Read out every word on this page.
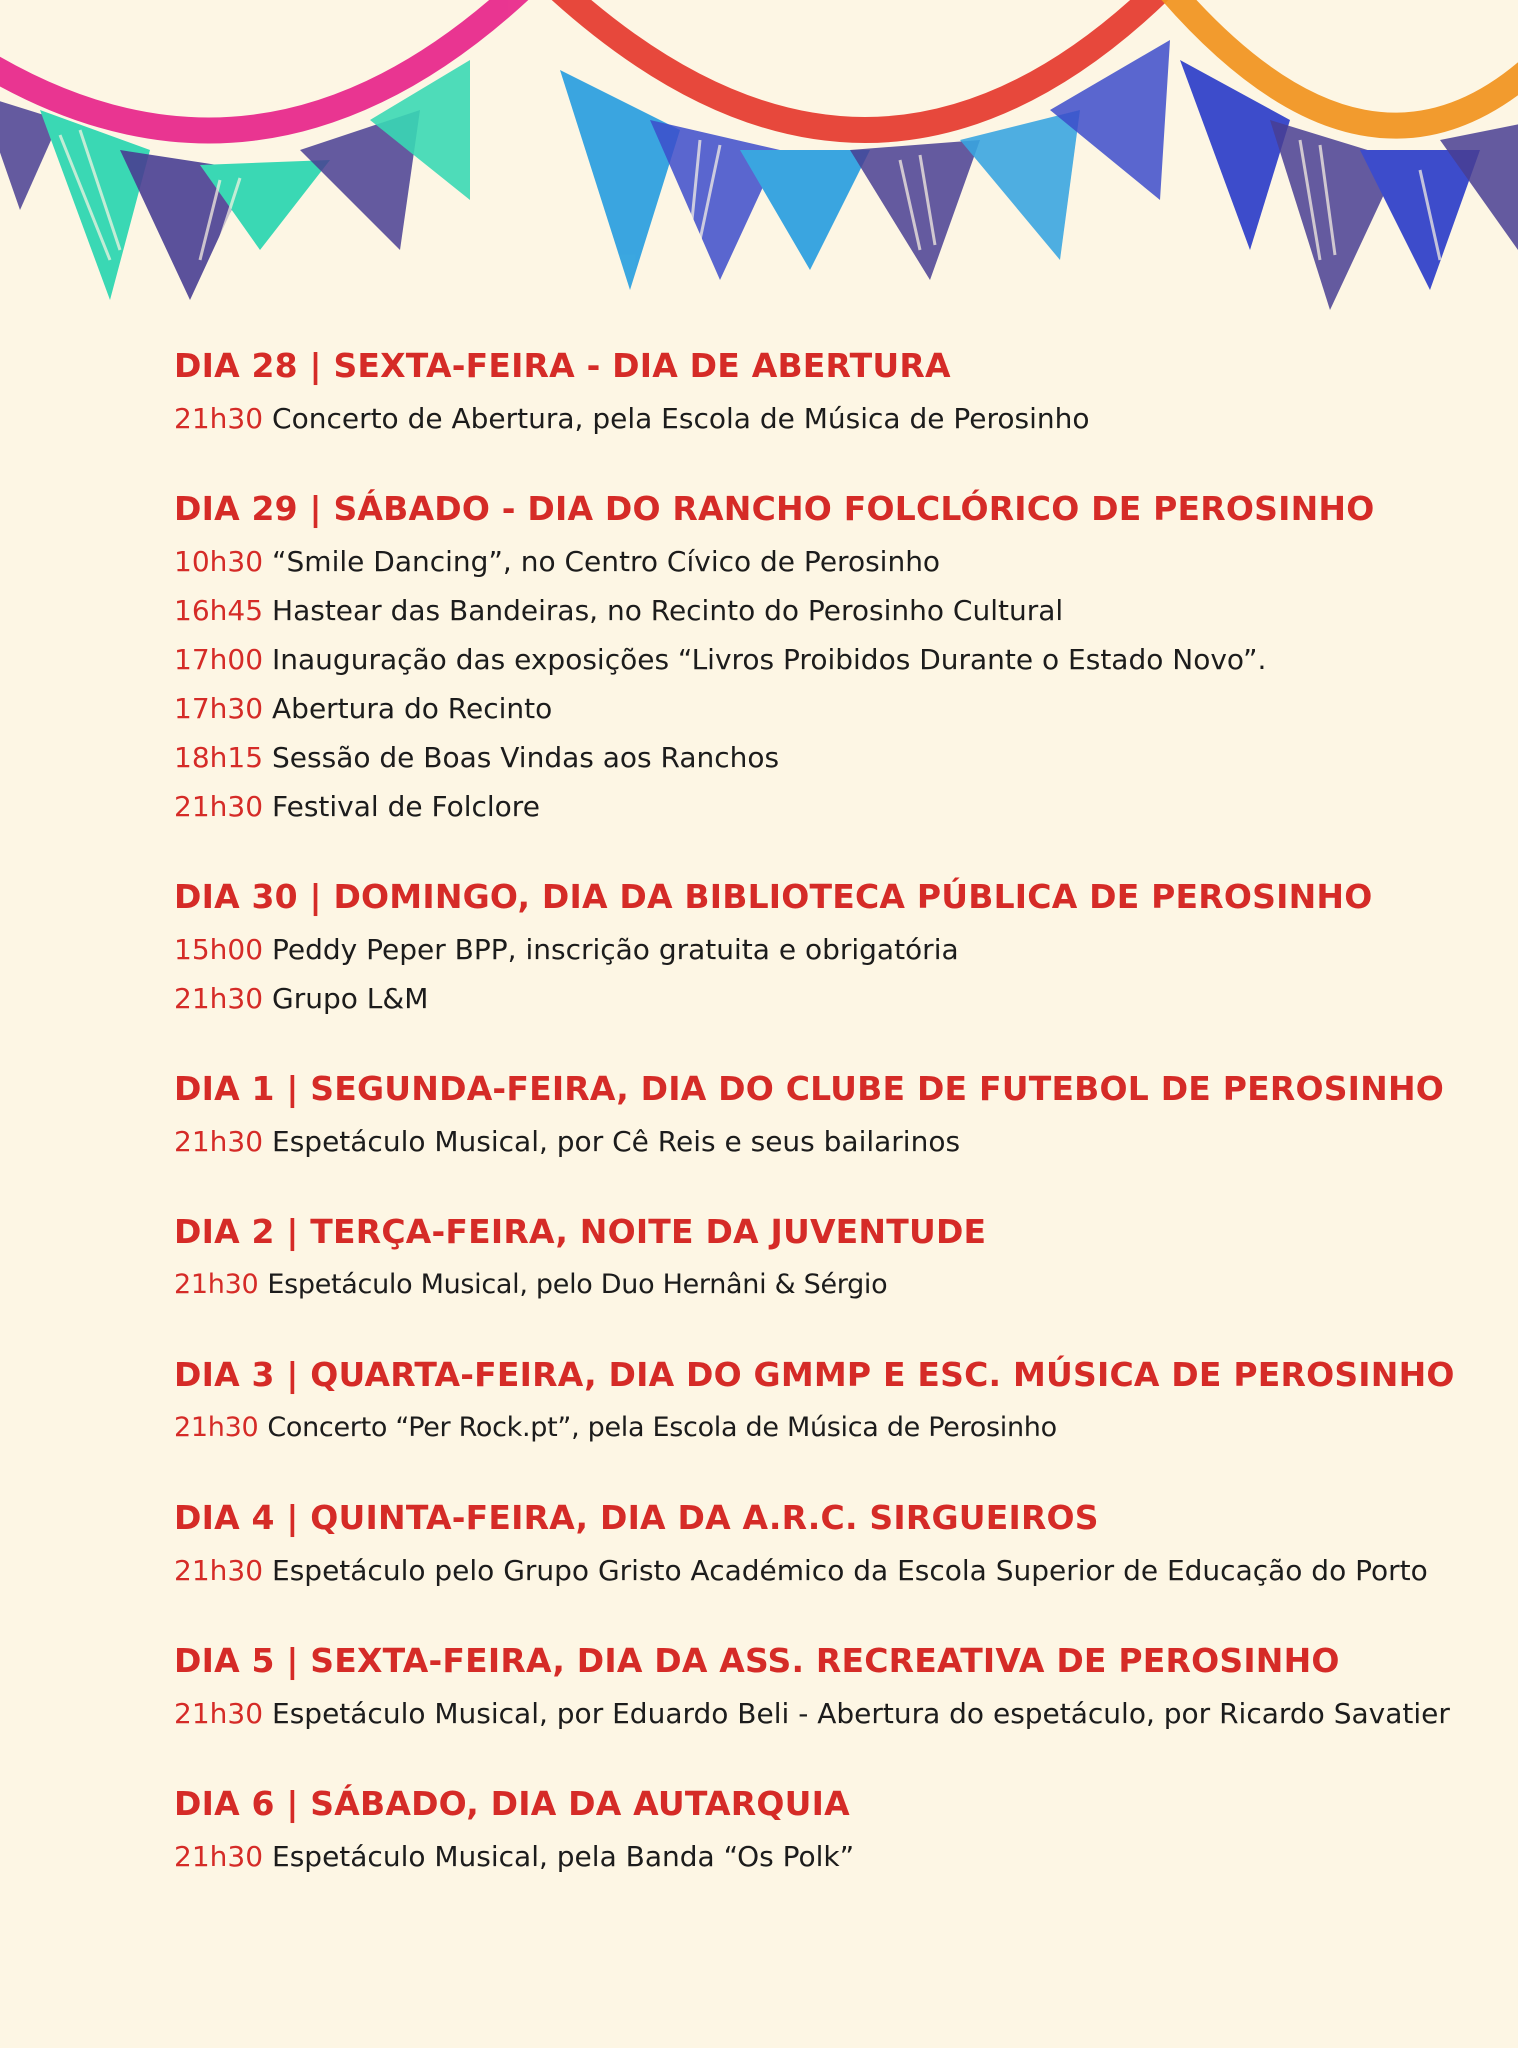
DIA 28 | SEXTA-FEIRA - DIA DE ABERTURA
21h30 Concerto de Abertura, pela Escola de Música de Perosinho
DIA 29 | SÁBADO - DIA DO RANCHO FOLCLÓRICO DE PEROSINHO
10h30 “Smile Dancing”, no Centro Cívico de Perosinho
16h45 Hastear das Bandeiras, no Recinto do Perosinho Cultural
17h00 Inauguração das exposições “Livros Proibidos Durante o Estado Novo”.
17h30 Abertura do Recinto
18h15 Sessão de Boas Vindas aos Ranchos
21h30 Festival de Folclore
DIA 30 | DOMINGO, DIA DA BIBLIOTECA PÚBLICA DE PEROSINHO
15h00 Peddy Peper BPP, inscrição gratuita e obrigatória
21h30 Grupo L&M
DIA 1 | SEGUNDA-FEIRA, DIA DO CLUBE DE FUTEBOL DE PEROSINHO
21h30 Espetáculo Musical, por Cê Reis e seus bailarinos
DIA 2 | TERÇA-FEIRA, NOITE DA JUVENTUDE
21h30 Espetáculo Musical, pelo Duo Hernâni & Sérgio
DIA 3 | QUARTA-FEIRA, DIA DO GMMP E ESC. MÚSICA DE PEROSINHO
21h30 Concerto “Per Rock.pt”, pela Escola de Música de Perosinho
DIA 4 | QUINTA-FEIRA, DIA DA A.R.C. SIRGUEIROS
21h30 Espetáculo pelo Grupo Gristo Académico da Escola Superior de Educação do Porto
DIA 5 | SEXTA-FEIRA, DIA DA ASS. RECREATIVA DE PEROSINHO
21h30 Espetáculo Musical, por Eduardo Beli - Abertura do espetáculo, por Ricardo Savatier
DIA 6 | SÁBADO, DIA DA AUTARQUIA
21h30 Espetáculo Musical, pela Banda “Os Polk”
